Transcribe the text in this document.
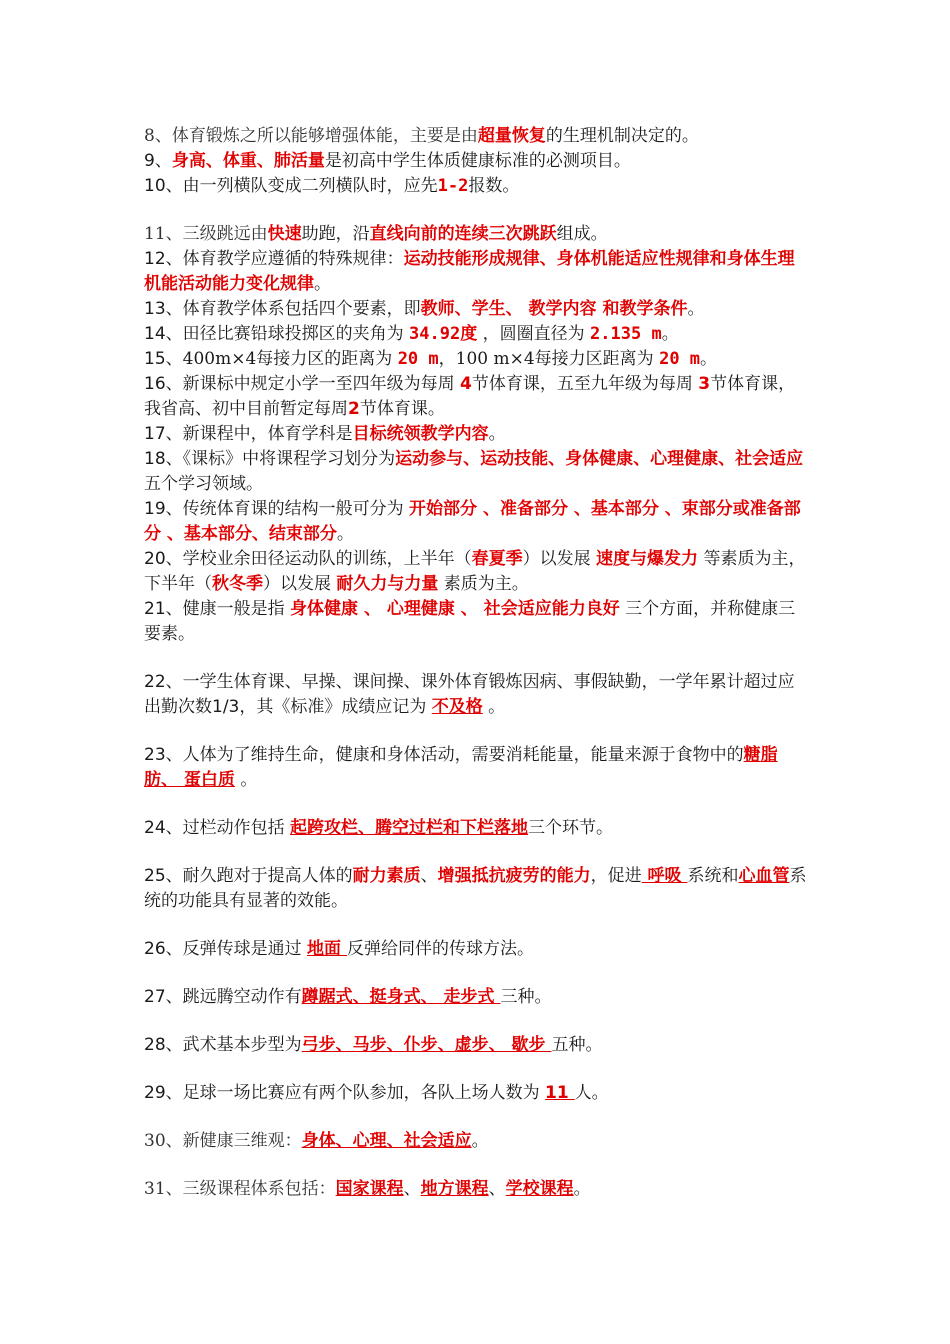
8、体育锻炼之所以能够增强体能，主要是由超量恢复的生理机制决定的。

9、身高、体重、肺活量是初高中学生体质健康标准的必测项目。

10、由一列横队变成二列横队时，应先1-2报数。

11、三级跳远由快速助跑，沿直线向前的连续三次跳跃组成。

12、体育教学应遵循的特殊规律：运动技能形成规律、身体机能适应性规律和身体生理机能活动能力变化规律。

13、体育教学体系包括四个要素，即教师、学生、 教学内容 和教学条件。

14、田径比赛铅球投掷区的夹角为 34.92度 ，圆圈直径为 2.135 m。

15、400m×4每接力区的距离为 20 m，100 m×4每接力区距离为 20 m。

16、新课标中规定小学一至四年级为每周 4节体育课，五至九年级为每周 3节体育课，我省高、初中目前暂定每周2节体育课。

17、新课程中，体育学科是目标统领教学内容。

18、《课标》中将课程学习划分为运动参与、运动技能、身体健康、心理健康、社会适应五个学习领域。

19、传统体育课的结构一般可分为 开始部分 、准备部分 、基本部分 、束部分或准备部分 、基本部分、结束部分。

20、学校业余田径运动队的训练，上半年（春夏季）以发展 速度与爆发力 等素质为主，下半年（秋冬季）以发展 耐久力与力量 素质为主。

21、健康一般是指 身体健康 、 心理健康 、 社会适应能力良好 三个方面，并称健康三要素。

22、一学生体育课、早操、课间操、课外体育锻炼因病、事假缺勤，一学年累计超过应出勤次数1/3，其《标准》成绩应记为 不及格 。

23、人体为了维持生命，健康和身体活动，需要消耗能量，能量来源于食物中的糖脂肪、 蛋白质 。

24、过栏动作包括 起跨攻栏、腾空过栏和下栏落地三个环节。

25、耐久跑对于提高人体的耐力素质、增强抵抗疲劳的能力，促进 呼吸 系统和心血管系统的功能具有显著的效能。

26、反弹传球是通过 地面 反弹给同伴的传球方法。

27、跳远腾空动作有蹲踞式、挺身式、 走步式 三种。

28、武术基本步型为弓步、马步、仆步、虚步、 歇步 五种。

29、足球一场比赛应有两个队参加，各队上场人数为 11 人。

30、新健康三维观：身体、心理、社会适应。

31、三级课程体系包括：国家课程、地方课程、学校课程。
